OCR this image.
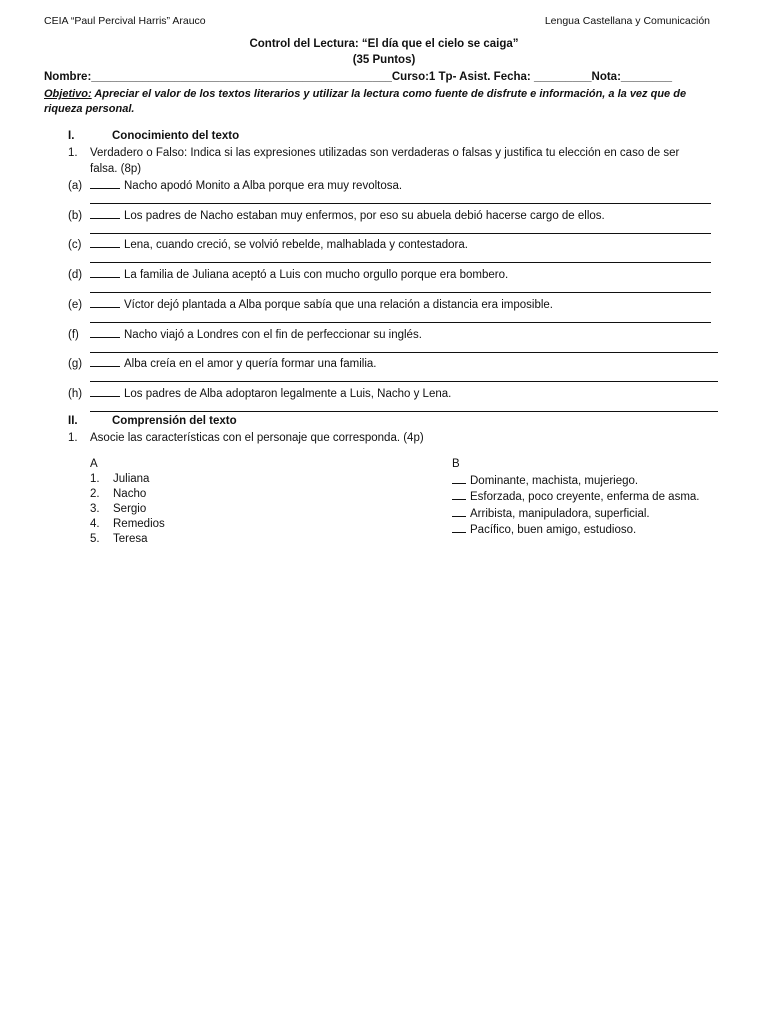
CEIA “Paul Percival Harris” Arauco	Lengua Castellana y Comunicación
Control del Lectura: “El día que el cielo se caiga”
(35 Puntos)
Nombre:_______________________________________________Curso:1 Tp- Asist. Fecha: _________Nota:________
Objetivo: Apreciar el valor de los textos literarios y utilizar la lectura como fuente de disfrute e información, a la vez que de riqueza personal.
I.	Conocimiento del texto
1.	Verdadero o Falso: Indica si las expresiones utilizadas son verdaderas o falsas y justifica tu elección en caso de ser falsa. (8p)
(a)	Nacho apodó Monito a Alba porque era muy revoltosa.
(b)	Los padres de Nacho estaban muy enfermos, por eso su abuela debió hacerse cargo de ellos.
(c)	Lena, cuando creció, se volvió rebelde, malhablada y contestadora.
(d)	La familia de Juliana aceptó a Luis con mucho orgullo porque era bombero.
(e)	Víctor dejó plantada a Alba porque sabía que una relación a distancia era imposible.
(f)	Nacho viajó a Londres con el fin de perfeccionar su inglés.
(g)	Alba creía en el amor y quería formar una familia.
(h)	Los padres de Alba adoptaron legalmente a Luis, Nacho y Lena.
II.	Comprensión del texto
1.	Asocie las características con el personaje que corresponda. (4p)
A
1. Juliana
2. Nacho
3. Sergio
4. Remedios
5. Teresa
B
Dominante, machista, mujeriego.
Esforzada, poco creyente, enferma de asma.
Arribista, manipuladora, superficial.
Pacífico, buen amigo, estudioso.
